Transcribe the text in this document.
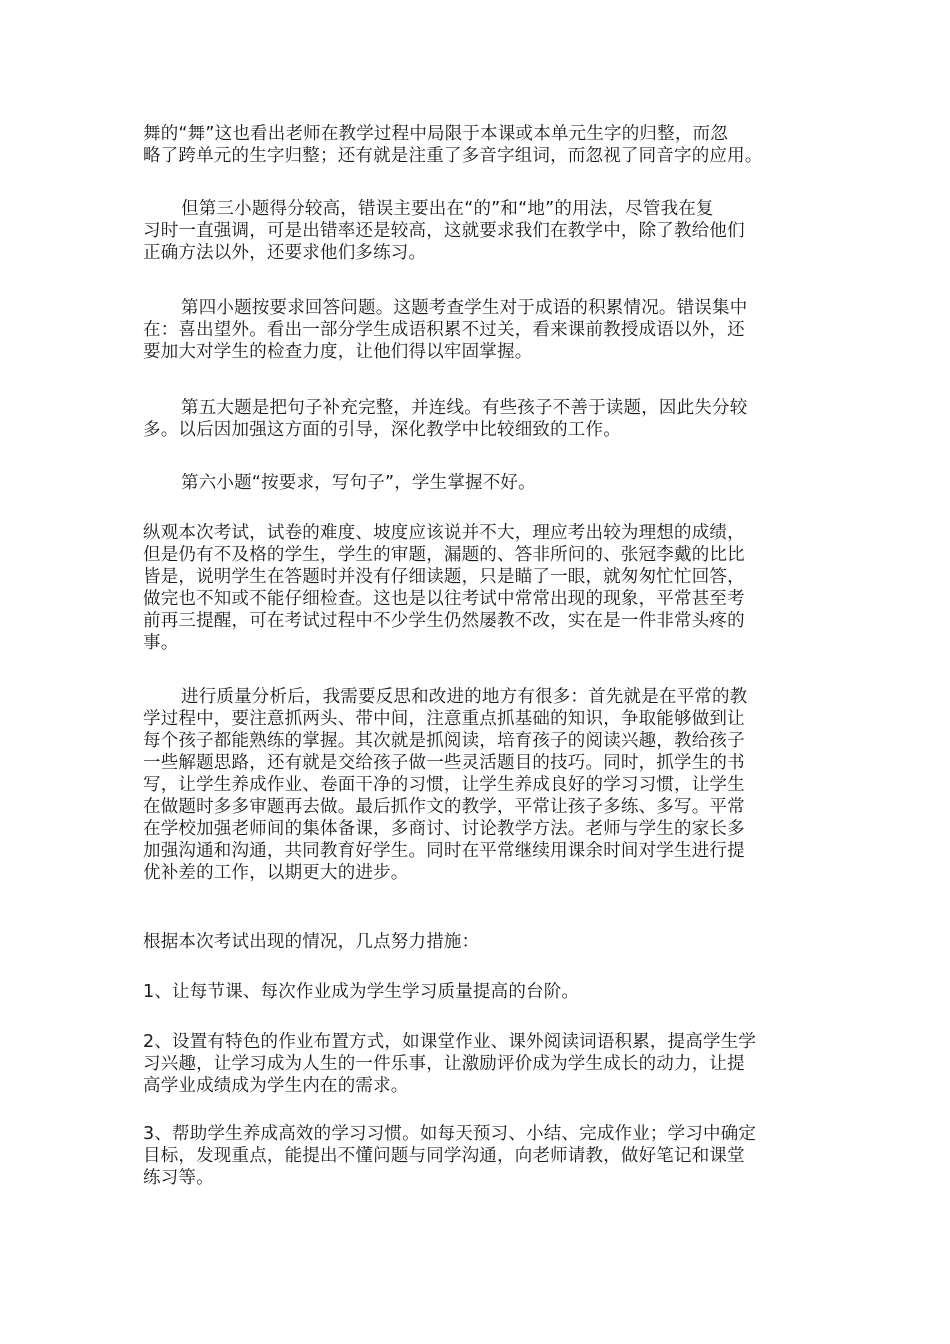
舞的“舞”这也看出老师在教学过程中局限于本课或本单元生字的归整，而忽
略了跨单元的生字归整；还有就是注重了多音字组词，而忽视了同音字的应用。
但第三小题得分较高，错误主要出在“的”和“地”的用法，尽管我在复
习时一直强调，可是出错率还是较高，这就要求我们在教学中，除了教给他们
正确方法以外，还要求他们多练习。
第四小题按要求回答问题。这题考查学生对于成语的积累情况。错误集中
在：喜出望外。看出一部分学生成语积累不过关，看来课前教授成语以外，还
要加大对学生的检查力度，让他们得以牢固掌握。
第五大题是把句子补充完整，并连线。有些孩子不善于读题，因此失分较
多。以后因加强这方面的引导，深化教学中比较细致的工作。
第六小题“按要求，写句子”，学生掌握不好。
纵观本次考试，试卷的难度、坡度应该说并不大，理应考出较为理想的成绩，
但是仍有不及格的学生，学生的审题，漏题的、答非所问的、张冠李戴的比比
皆是，说明学生在答题时并没有仔细读题，只是瞄了一眼，就匆匆忙忙回答，
做完也不知或不能仔细检查。这也是以往考试中常常出现的现象，平常甚至考
前再三提醒，可在考试过程中不少学生仍然屡教不改，实在是一件非常头疼的
事。
进行质量分析后，我需要反思和改进的地方有很多：首先就是在平常的教
学过程中，要注意抓两头、带中间，注意重点抓基础的知识，争取能够做到让
每个孩子都能熟练的掌握。其次就是抓阅读，培育孩子的阅读兴趣，教给孩子
一些解题思路，还有就是交给孩子做一些灵活题目的技巧。同时，抓学生的书
写，让学生养成作业、卷面干净的习惯，让学生养成良好的学习习惯，让学生
在做题时多多审题再去做。最后抓作文的教学，平常让孩子多练、多写。平常
在学校加强老师间的集体备课，多商讨、讨论教学方法。老师与学生的家长多
加强沟通和沟通，共同教育好学生。同时在平常继续用课余时间对学生进行提
优补差的工作，以期更大的进步。
根据本次考试出现的情况，几点努力措施：
1、让每节课、每次作业成为学生学习质量提高的台阶。
2、设置有特色的作业布置方式，如课堂作业、课外阅读词语积累，提高学生学
习兴趣，让学习成为人生的一件乐事，让激励评价成为学生成长的动力，让提
高学业成绩成为学生内在的需求。
3、帮助学生养成高效的学习习惯。如每天预习、小结、完成作业；学习中确定
目标，发现重点，能提出不懂问题与同学沟通，向老师请教，做好笔记和课堂
练习等。
